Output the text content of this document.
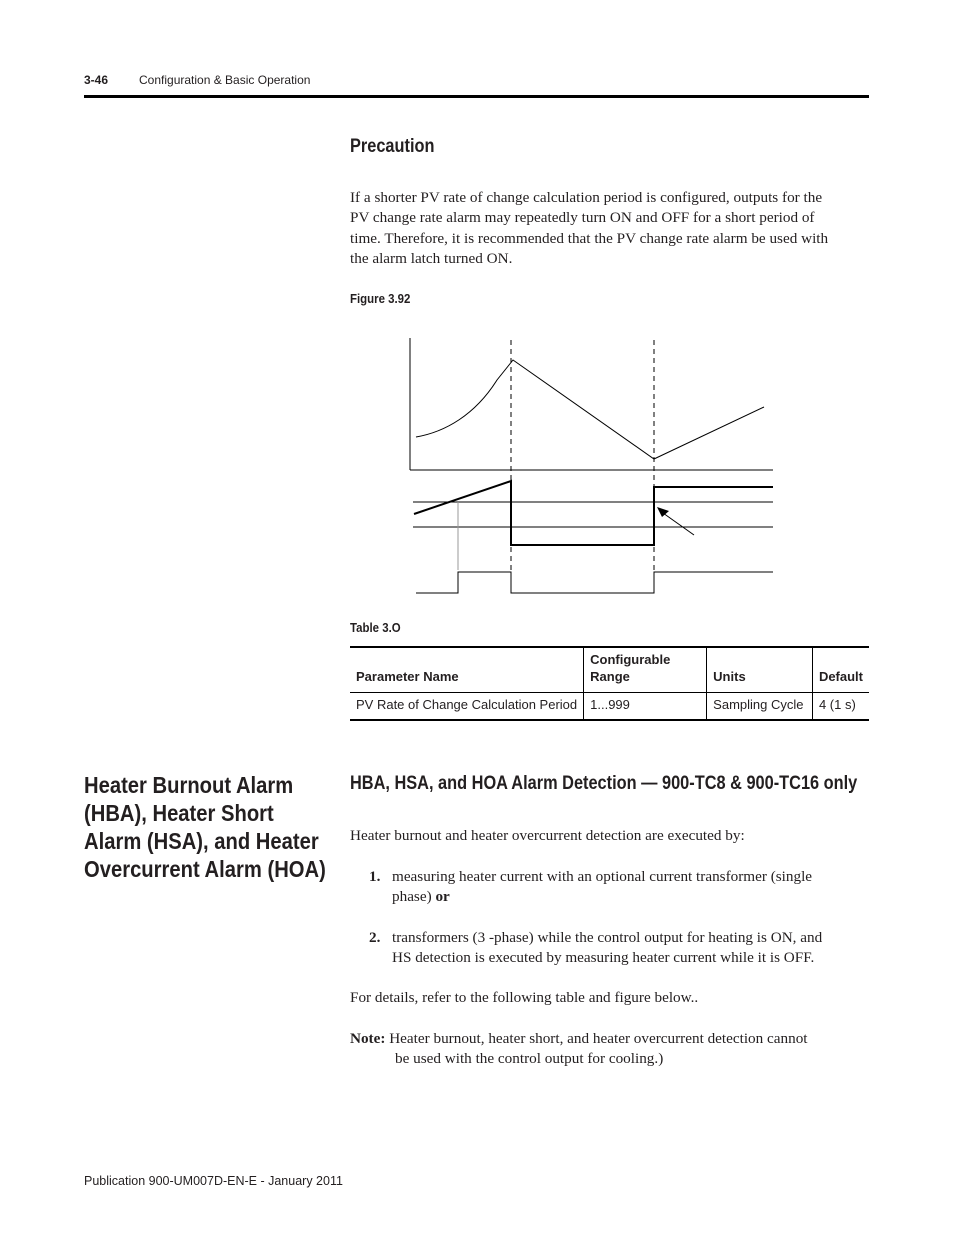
3-46	Configuration & Basic Operation
Precaution
If a shorter PV rate of change calculation period is configured, outputs for the
PV change rate alarm may repeatedly turn ON and OFF for a short period of
time. Therefore, it is recommended that the PV change rate alarm be used with
the alarm latch turned ON.
Figure 3.92
Table 3.O
Parameter Name	Configurable Range	Units	Default
PV Rate of Change Calculation Period	1...999	Sampling Cycle	4 (1 s)
Heater Burnout Alarm (HBA), Heater Short Alarm (HSA), and Heater Overcurrent Alarm (HOA)
HBA, HSA, and HOA Alarm Detection — 900-TC8 & 900-TC16 only
Heater burnout and heater overcurrent detection are executed by:
1. measuring heater current with an optional current transformer (single
phase) or
2. transformers (3 -phase) while the control output for heating is ON, and
HS detection is executed by measuring heater current while it is OFF.
For details, refer to the following table and figure below..
Note: Heater burnout, heater short, and heater overcurrent detection cannot
be used with the control output for cooling.)
Publication 900-UM007D-EN-E - January 2011
